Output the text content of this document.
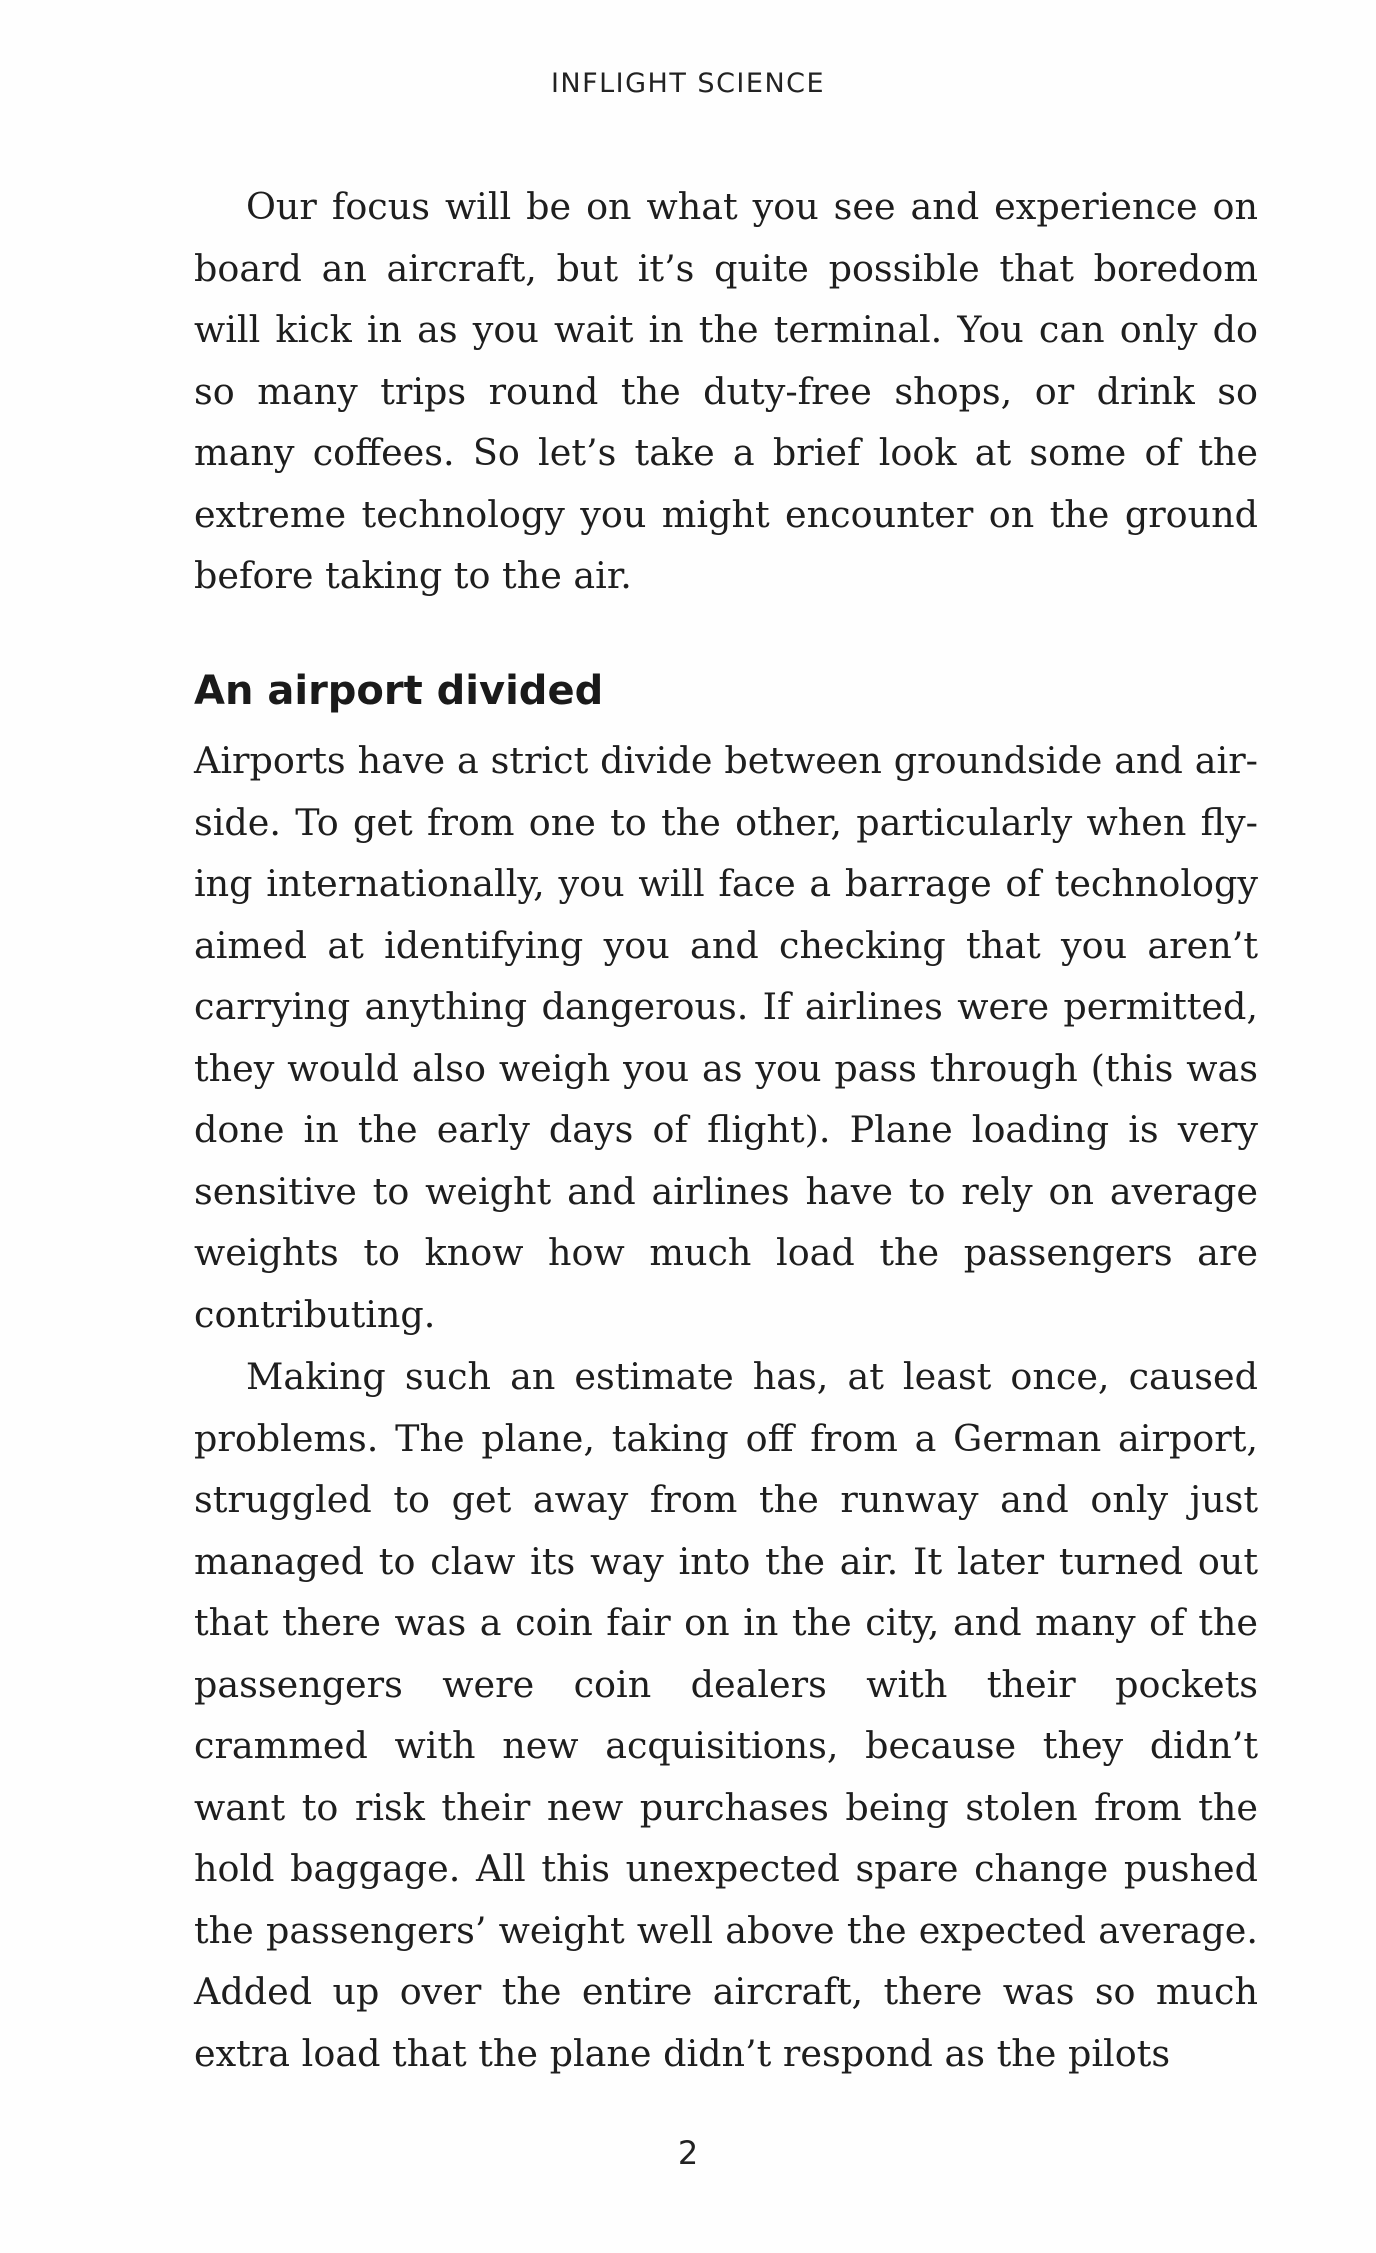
INFLIGHT SCIENCE

Our focus will be on what you see and experience on board an aircraft, but it’s quite possible that boredom will kick in as you wait in the terminal. You can only do so many trips round the duty-free shops, or drink so many coffees. So let’s take a brief look at some of the extreme technology you might encounter on the ground before taking to the air.

An airport divided

Airports have a strict divide between groundside and airside. To get from one to the other, particularly when flying internationally, you will face a barrage of technology aimed at identifying you and checking that you aren’t carrying anything dangerous. If airlines were permitted, they would also weigh you as you pass through (this was done in the early days of flight). Plane loading is very sensitive to weight and airlines have to rely on average weights to know how much load the passengers are contributing.

Making such an estimate has, at least once, caused problems. The plane, taking off from a German airport, struggled to get away from the runway and only just managed to claw its way into the air. It later turned out that there was a coin fair on in the city, and many of the passengers were coin dealers with their pockets crammed with new acquisitions, because they didn’t want to risk their new purchases being stolen from the hold baggage. All this unexpected spare change pushed the passengers’ weight well above the expected average. Added up over the entire aircraft, there was so much extra load that the plane didn’t respond as the pilots

2
